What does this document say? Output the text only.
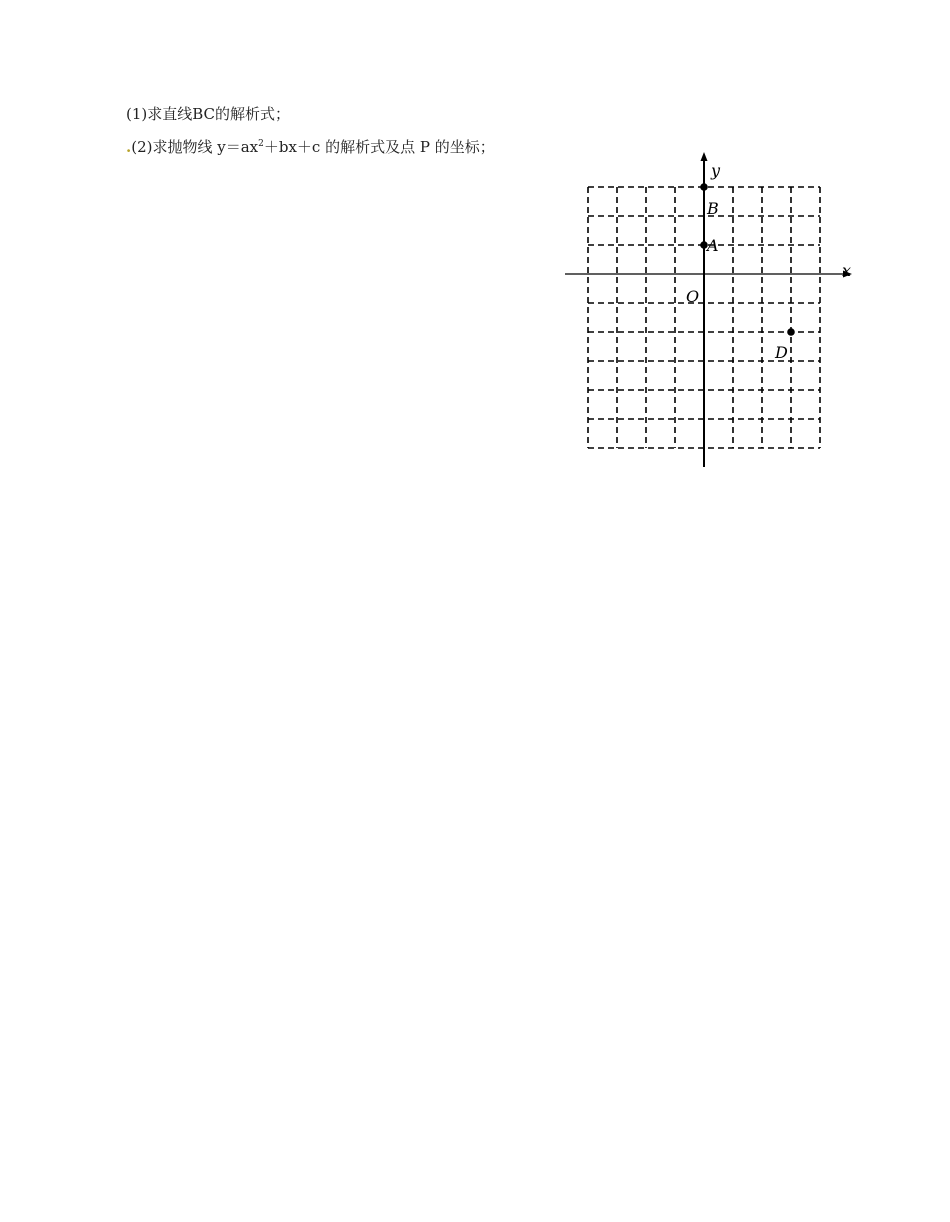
(1)求直线BC的解析式；
.(2)求抛物线 $y=ax^2+bx+c$ 的解析式及点 P 的坐标；
x
y
O
B
A
D
